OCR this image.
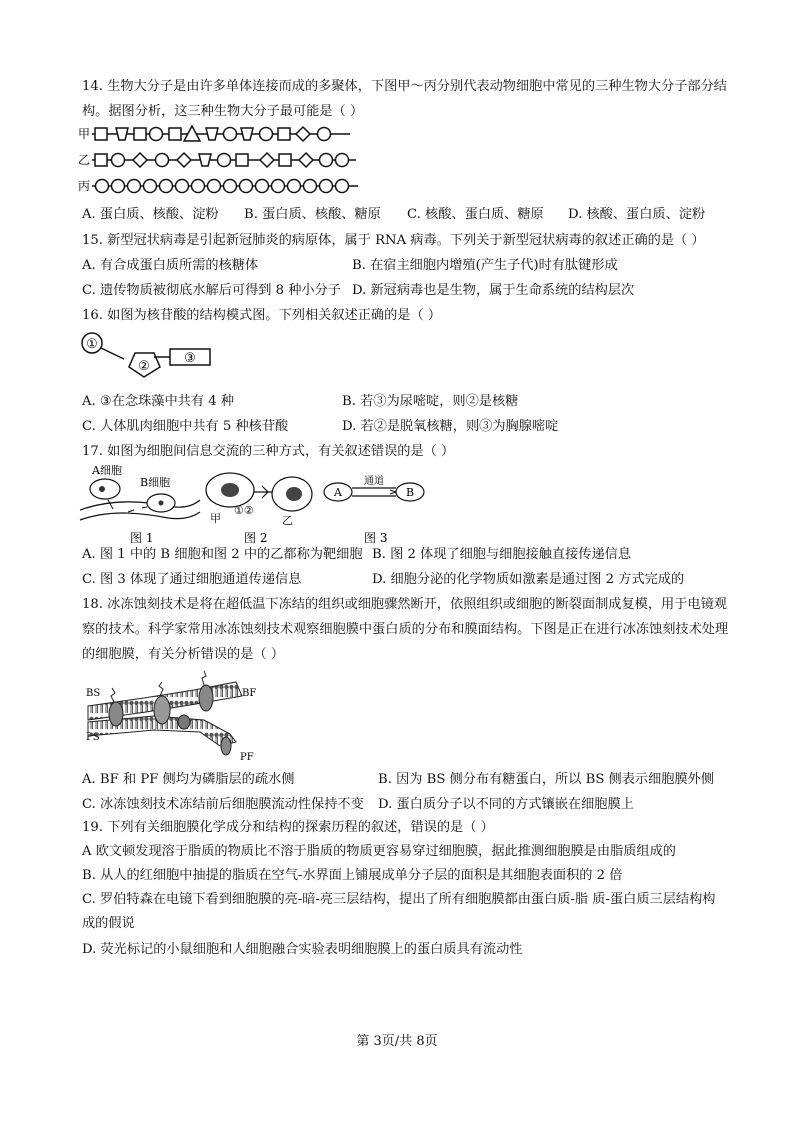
14. 生物大分子是由许多单体连接而成的多聚体，下图甲～丙分别代表动物细胞中常见的三种生物大分子部分结
构。据图分析，这三种生物大分子最可能是（ ）
甲
乙
丙
A. 蛋白质、核酸、淀粉 B. 蛋白质、核酸、糖原 C. 核酸、蛋白质、糖原 D. 核酸、蛋白质、淀粉
15. 新型冠状病毒是引起新冠肺炎的病原体，属于 RNA 病毒。下列关于新型冠状病毒的叙述正确的是（ ）
A. 有合成蛋白质所需的核糖体	B. 在宿主细胞内增殖(产生子代)时有肽键形成
C. 遗传物质被彻底水解后可得到 8 种小分子 D. 新冠病毒也是生物，属于生命系统的结构层次
16. 如图为核苷酸的结构模式图。下列相关叙述正确的是（ ）
①
②
③
A. ③在念珠藻中共有 4 种	B. 若③为尿嘧啶，则②是核糖
C. 人体肌肉细胞中共有 5 种核苷酸	D. 若②是脱氧核糖，则③为胸腺嘧啶
17. 如图为细胞间信息交流的三种方式，有关叙述错误的是（ ）
A细胞
B细胞
图 1
甲
①②
乙
图 2
A
通道
B
图 3
A. 图 1 中的 B 细胞和图 2 中的乙都称为靶细胞 B. 图 2 体现了细胞与细胞接触直接传递信息
C. 图 3 体现了通过细胞通道传递信息	D. 细胞分泌的化学物质如激素是通过图 2 方式完成的
18. 冰冻蚀刻技术是将在超低温下冻结的组织或细胞骤然断开，依照组织或细胞的断裂面制成复模，用于电镜观
察的技术。科学家常用冰冻蚀刻技术观察细胞膜中蛋白质的分布和膜面结构。下图是正在进行冰冻蚀刻技术处理
的细胞膜，有关分析错误的是（ ）
BS	BF
PS
PF
A. BF 和 PF 侧均为磷脂层的疏水侧	B. 因为 BS 侧分布有糖蛋白，所以 BS 侧表示细胞膜外侧
C. 冰冻蚀刻技术冻结前后细胞膜流动性保持不变 D. 蛋白质分子以不同的方式镶嵌在细胞膜上
19. 下列有关细胞膜化学成分和结构的探索历程的叙述，错误的是（ ）
A 欧文顿发现溶于脂质的物质比不溶于脂质的物质更容易穿过细胞膜，据此推测细胞膜是由脂质组成的
B. 从人的红细胞中抽提的脂质在空气-水界面上铺展成单分子层的面积是其细胞表面积的 2 倍
C. 罗伯特森在电镜下看到细胞膜的亮-暗-亮三层结构，提出了所有细胞膜都由蛋白质-脂 质-蛋白质三层结构构
成的假说
D. 荧光标记的小鼠细胞和人细胞融合实验表明细胞膜上的蛋白质具有流动性
第 3页/共 8页
